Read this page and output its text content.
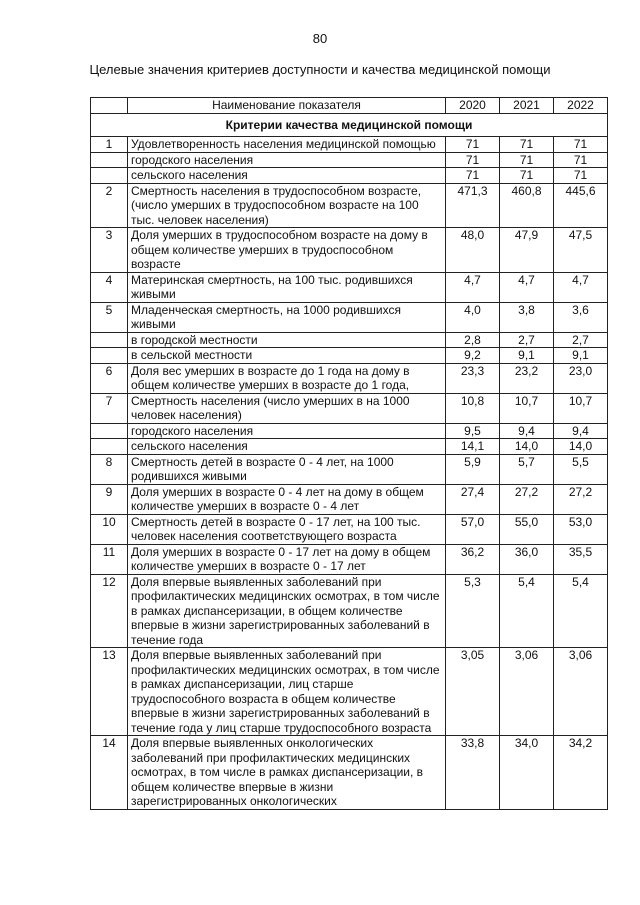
80
Целевые значения критериев доступности и качества медицинской помощи
	Наименование показателя	2020	2021	2022
Критерии качества медицинской помощи				
1	Удовлетворенность населения медицинской помощью	71	71	71
	городского населения	71	71	71
	сельского населения	71	71	71
2	Смертность населения в трудоспособном возрасте, (число умерших в трудоспособном возрасте на 100 тыс. человек населения)	471,3	460,8	445,6
3	Доля умерших в трудоспособном возрасте на дому в общем количестве умерших в трудоспособном возрасте	48,0	47,9	47,5
4	Материнская смертность, на 100 тыс. родившихся живыми	4,7	4,7	4,7
5	Младенческая смертность, на 1000 родившихся живыми	4,0	3,8	3,6
	в городской местности	2,8	2,7	2,7
	в сельской местности	9,2	9,1	9,1
6	Доля вес умерших в возрасте до 1 года на дому в общем количестве умерших в возрасте до 1 года,	23,3	23,2	23,0
7	Смертность населения (число умерших в на 1000 человек населения)	10,8	10,7	10,7
	городского населения	9,5	9,4	9,4
	сельского населения	14,1	14,0	14,0
8	Смертность детей в возрасте 0 - 4 лет, на 1000 родившихся живыми	5,9	5,7	5,5
9	Доля умерших в возрасте 0 - 4 лет на дому в общем количестве умерших в возрасте 0 - 4 лет	27,4	27,2	27,2
10	Смертность детей в возрасте 0 - 17 лет, на 100 тыс. человек населения соответствующего возраста	57,0	55,0	53,0
11	Доля умерших в возрасте 0 - 17 лет на дому в общем количестве умерших в возрасте 0 - 17 лет	36,2	36,0	35,5
12	Доля впервые выявленных заболеваний при профилактических медицинских осмотрах, в том числе в рамках диспансеризации, в общем количестве впервые в жизни зарегистрированных заболеваний в течение года	5,3	5,4	5,4
13	Доля впервые выявленных заболеваний при профилактических медицинских осмотрах, в том числе в рамках диспансеризации, лиц старше трудоспособного возраста в общем количестве впервые в жизни зарегистрированных заболеваний в течение года у лиц старше трудоспособного возраста	3,05	3,06	3,06
14	Доля впервые выявленных онкологических заболеваний при профилактических медицинских осмотрах, в том числе в рамках диспансеризации, в общем количестве впервые в жизни зарегистрированных онкологических	33,8	34,0	34,2
